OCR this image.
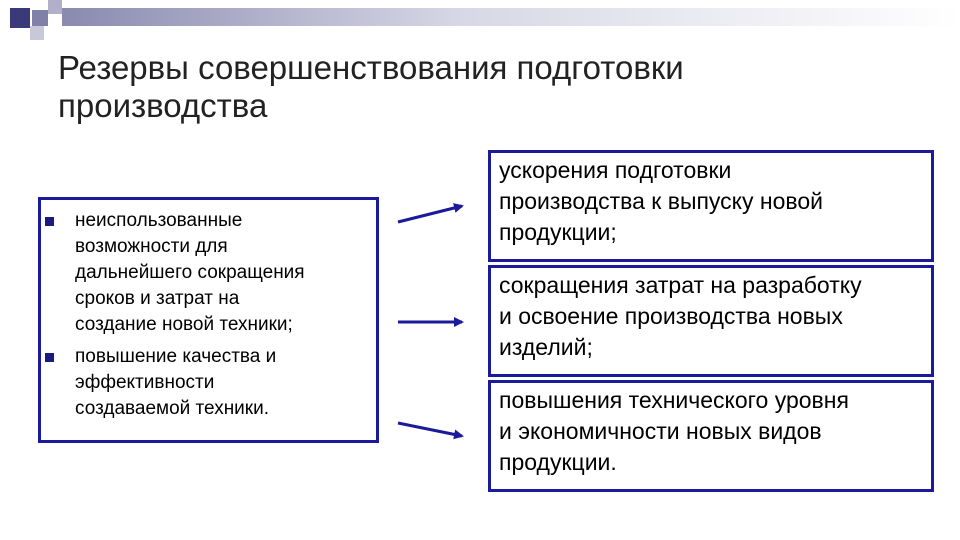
Резервы совершенствования подготовки
производства
неиспользованные
возможности для
дальнейшего сокращения
сроков и затрат на
создание новой техники;
повышение качества и
эффективности
создаваемой техники.
ускорения подготовки
производства к выпуску новой
продукции;
сокращения затрат на разработку
и освоение производства новых
изделий;
повышения технического уровня
и экономичности новых видов
продукции.
